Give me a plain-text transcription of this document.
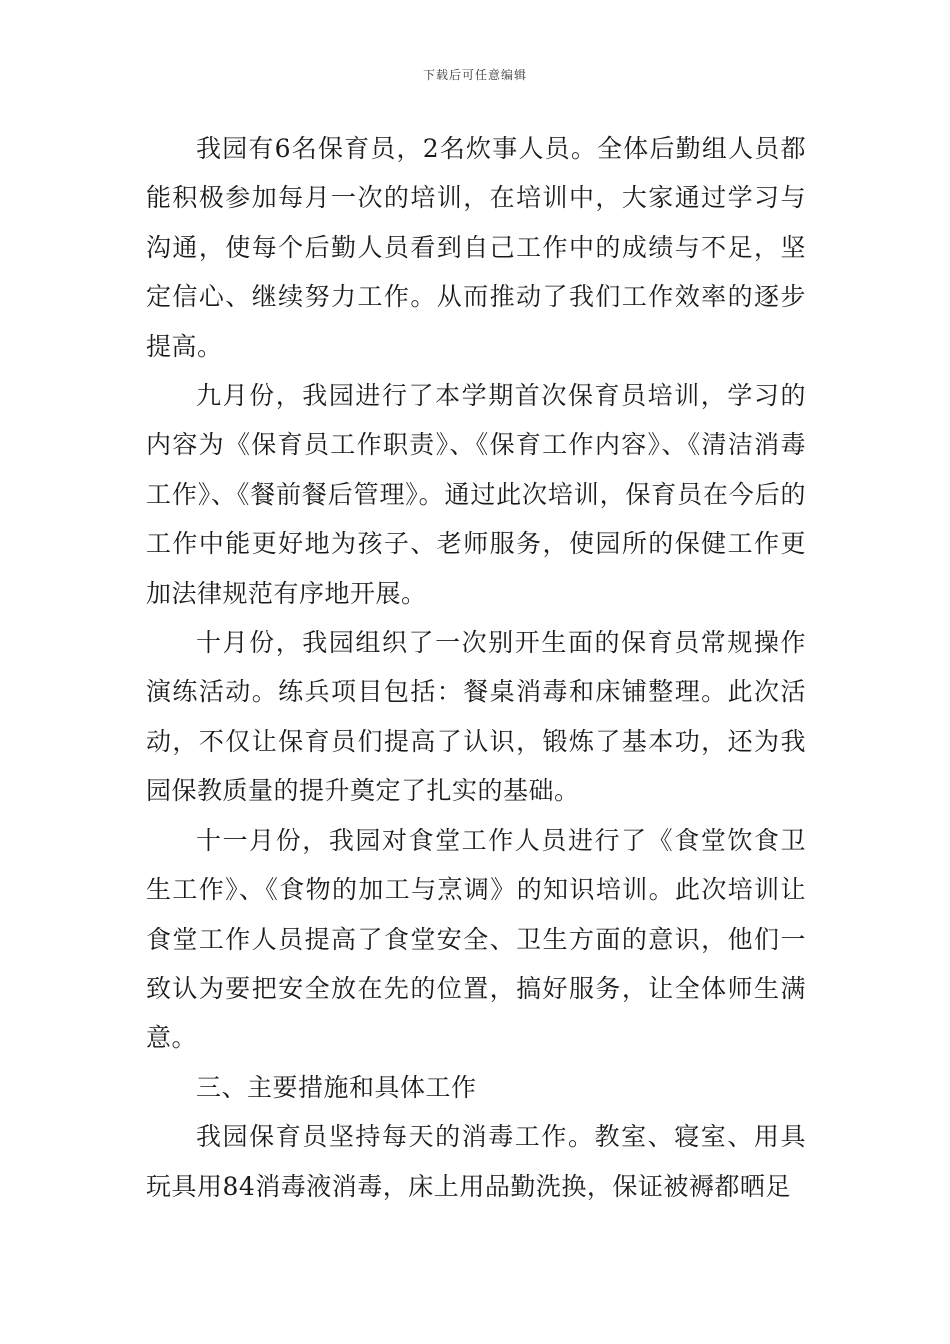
下载后可任意编辑

我园有6名保育员，2名炊事人员。全体后勤组人员都能积极参加每月一次的培训，在培训中，大家通过学习与沟通，使每个后勤人员看到自己工作中的成绩与不足，坚定信心、继续努力工作。从而推动了我们工作效率的逐步提高。

九月份，我园进行了本学期首次保育员培训，学习的内容为《保育员工作职责》、《保育工作内容》、《清洁消毒工作》、《餐前餐后管理》。通过此次培训，保育员在今后的工作中能更好地为孩子、老师服务，使园所的保健工作更加法律规范有序地开展。

十月份，我园组织了一次别开生面的保育员常规操作演练活动。练兵项目包括：餐桌消毒和床铺整理。此次活动，不仅让保育员们提高了认识，锻炼了基本功，还为我园保教质量的提升奠定了扎实的基础。

十一月份，我园对食堂工作人员进行了《食堂饮食卫生工作》、《食物的加工与烹调》的知识培训。此次培训让食堂工作人员提高了食堂安全、卫生方面的意识，他们一致认为要把安全放在先的位置，搞好服务，让全体师生满意。

三、主要措施和具体工作

我园保育员坚持每天的消毒工作。教室、寝室、用具玩具用84消毒液消毒，床上用品勤洗换，保证被褥都晒足
